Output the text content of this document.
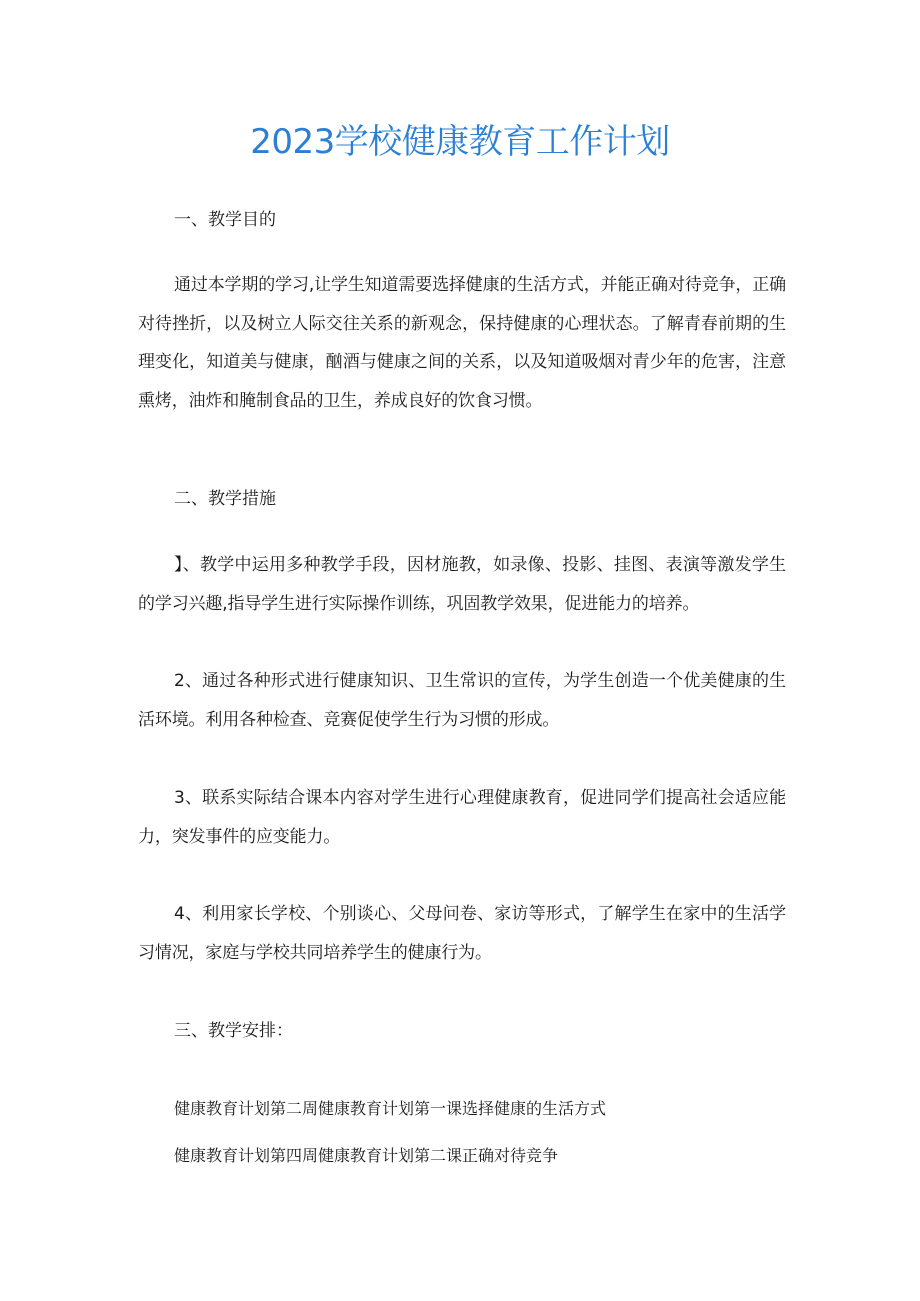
2023学校健康教育工作计划
一、教学目的
通过本学期的学习,让学生知道需要选择健康的生活方式，并能正确对待竞争，正确对待挫折，以及树立人际交往关系的新观念，保持健康的心理状态。了解青春前期的生理变化，知道美与健康，酗酒与健康之间的关系，以及知道吸烟对青少年的危害，注意熏烤，油炸和腌制食品的卫生，养成良好的饮食习惯。
二、教学措施
】、教学中运用多种教学手段，因材施教，如录像、投影、挂图、表演等激发学生的学习兴趣,指导学生进行实际操作训练，巩固教学效果，促进能力的培养。
2、通过各种形式进行健康知识、卫生常识的宣传，为学生创造一个优美健康的生活环境。利用各种检查、竞赛促使学生行为习惯的形成。
3、联系实际结合课本内容对学生进行心理健康教育，促进同学们提高社会适应能力，突发事件的应变能力。
4、利用家长学校、个别谈心、父母问卷、家访等形式，了解学生在家中的生活学习情况，家庭与学校共同培养学生的健康行为。
三、教学安排：
健康教育计划第二周健康教育计划第一课选择健康的生活方式
健康教育计划第四周健康教育计划第二课正确对待竞争
